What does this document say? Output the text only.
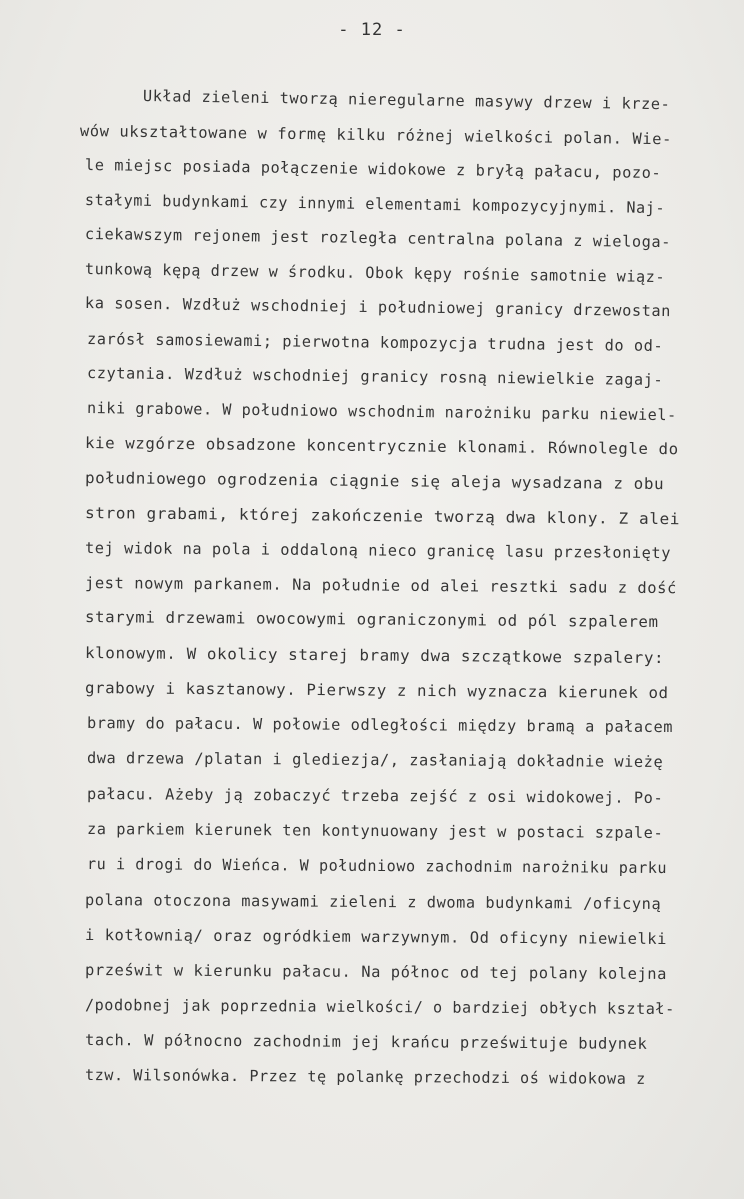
- 12 -
Układ zieleni tworzą nieregularne masywy drzew i krze-
wów ukształtowane w formę kilku różnej wielkości polan. Wie-
le miejsc posiada połączenie widokowe z bryłą pałacu, pozo-
stałymi budynkami czy innymi elementami kompozycyjnymi. Naj-
ciekawszym rejonem jest rozległa centralna polana z wieloga-
tunkową kępą drzew w środku. Obok kępy rośnie samotnie wiąz-
ka sosen. Wzdłuż wschodniej i południowej granicy drzewostan
zarósł samosiewami; pierwotna kompozycja trudna jest do od-
czytania. Wzdłuż wschodniej granicy rosną niewielkie zagaj-
niki grabowe. W południowo wschodnim narożniku parku niewiel-
kie wzgórze obsadzone koncentrycznie klonami. Równolegle do
południowego ogrodzenia ciągnie się aleja wysadzana z obu
stron grabami, której zakończenie tworzą dwa klony. Z alei
tej widok na pola i oddaloną nieco granicę lasu przesłonięty
jest nowym parkanem. Na południe od alei resztki sadu z dość
starymi drzewami owocowymi ograniczonymi od pól szpalerem
klonowym. W okolicy starej bramy dwa szczątkowe szpalery:
grabowy i kasztanowy. Pierwszy z nich wyznacza kierunek od
bramy do pałacu. W połowie odległości między bramą a pałacem
dwa drzewa /platan i glediezja/, zasłaniają dokładnie wieżę
pałacu. Ażeby ją zobaczyć trzeba zejść z osi widokowej. Po-
za parkiem kierunek ten kontynuowany jest w postaci szpale-
ru i drogi do Wieńca. W południowo zachodnim narożniku parku
polana otoczona masywami zieleni z dwoma budynkami /oficyną
i kotłownią/ oraz ogródkiem warzywnym. Od oficyny niewielki
prześwit w kierunku pałacu. Na północ od tej polany kolejna
/podobnej jak poprzednia wielkości/ o bardziej obłych kształ-
tach. W północno zachodnim jej krańcu prześwituje budynek
tzw. Wilsonówka. Przez tę polankę przechodzi oś widokowa z
